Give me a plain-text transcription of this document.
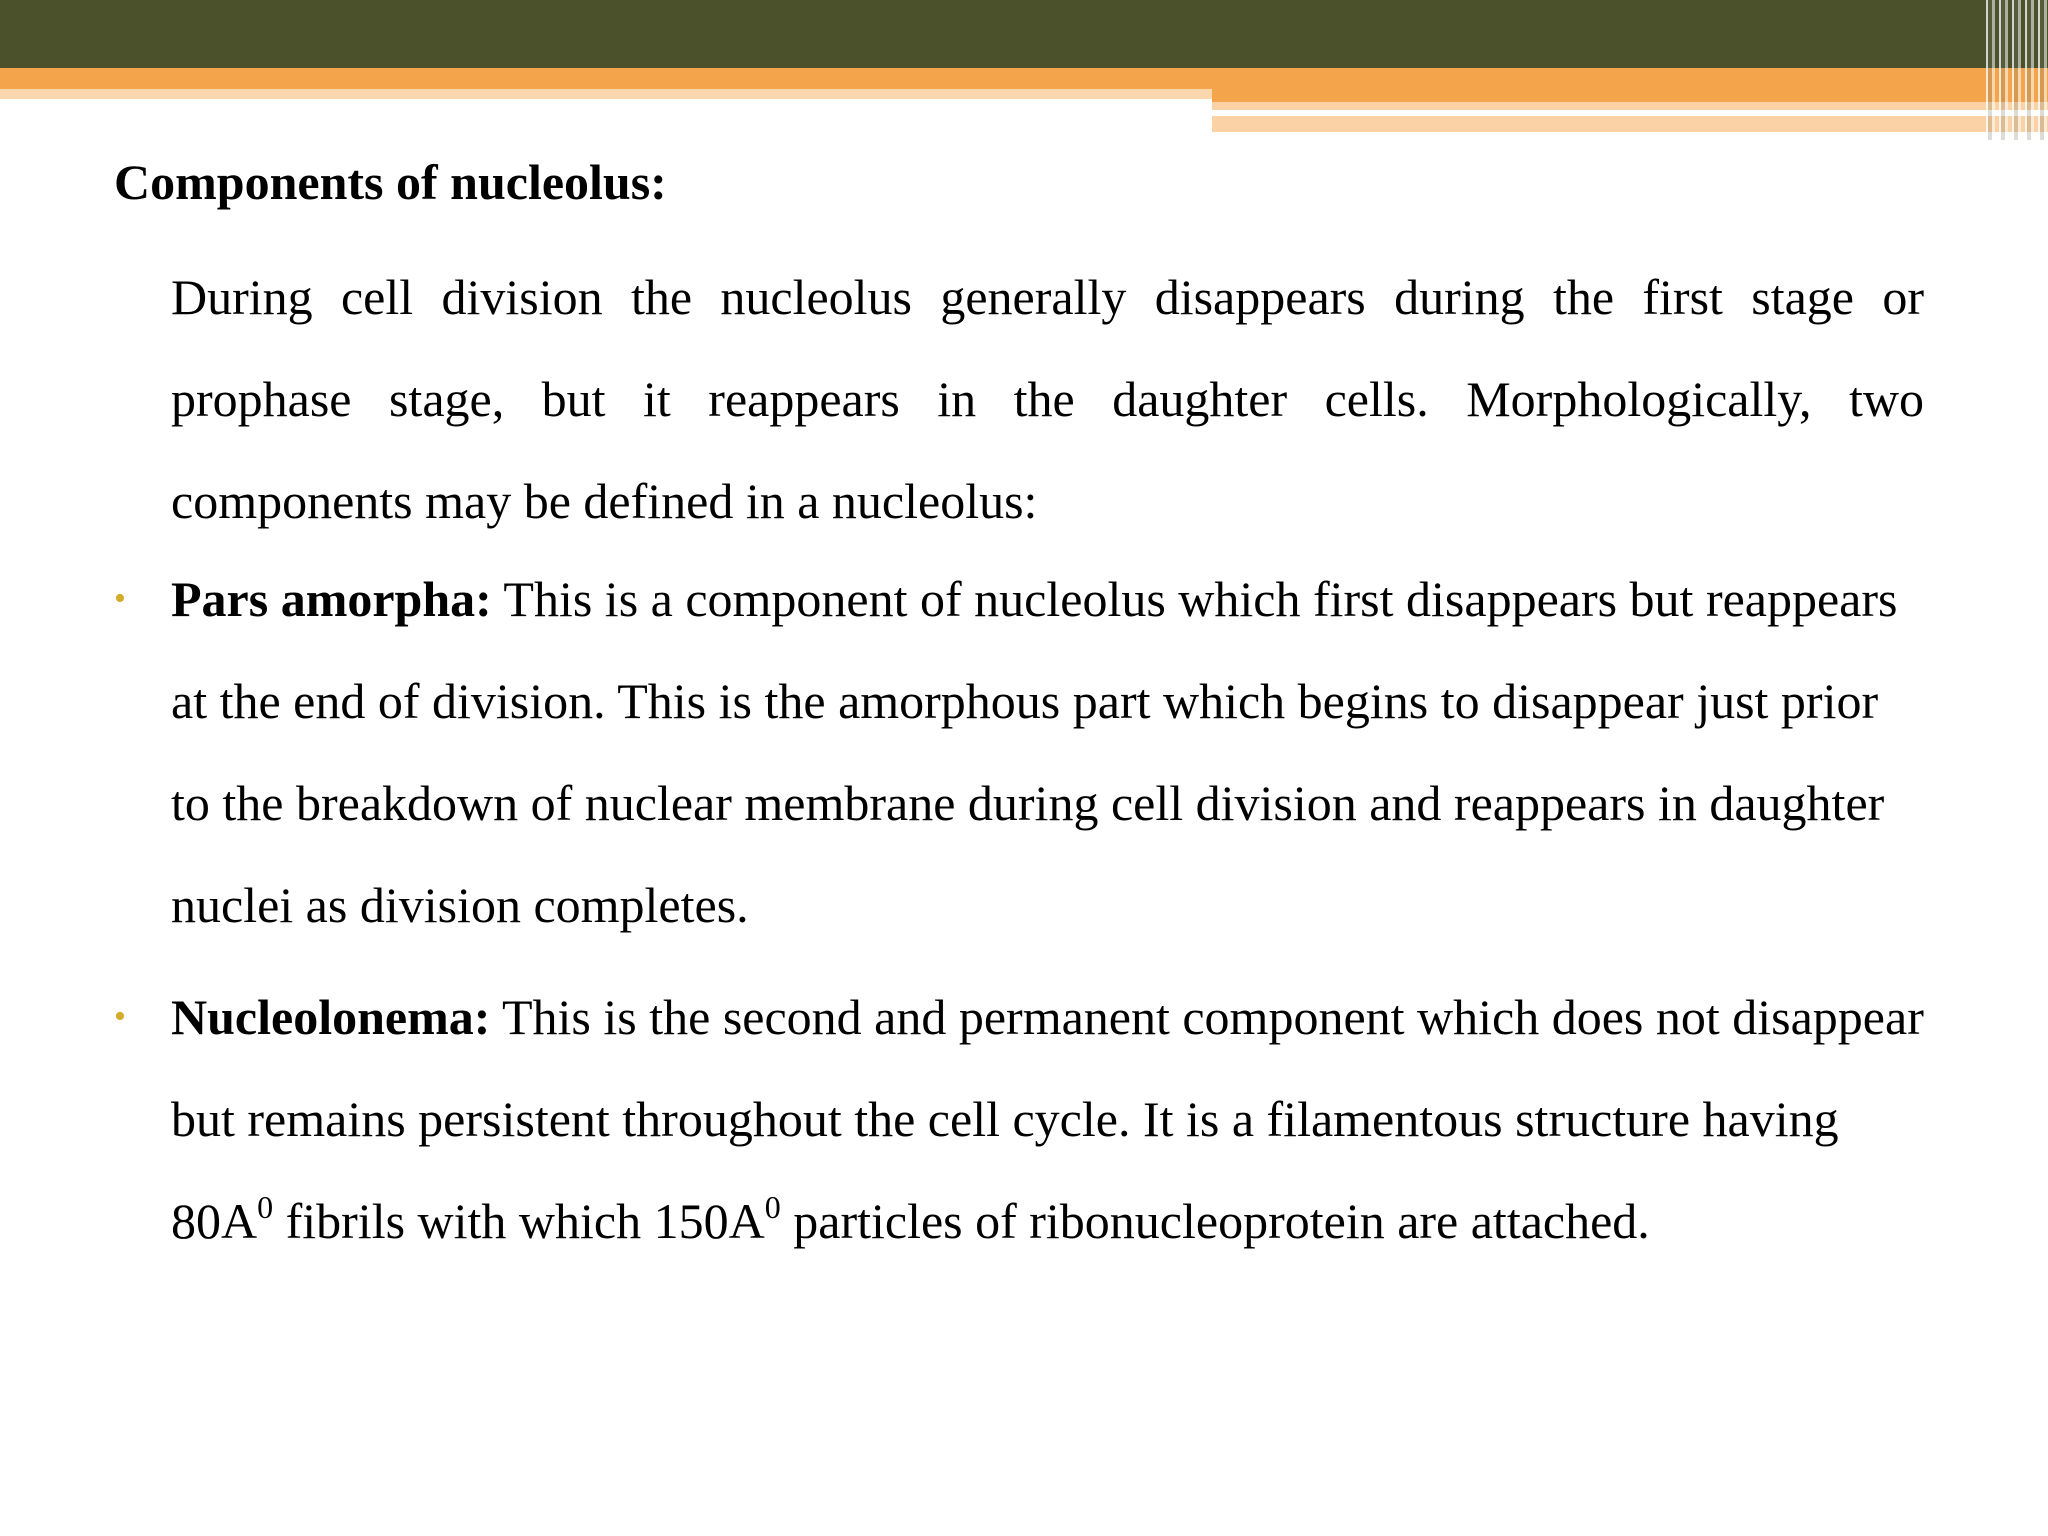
Components of nucleolus:

During cell division the nucleolus generally disappears during the first stage or prophase stage, but it reappears in the daughter cells. Morphologically, two components may be defined in a nucleolus:

• Pars amorpha: This is a component of nucleolus which first disappears but reappears at the end of division. This is the amorphous part which begins to disappear just prior to the breakdown of nuclear membrane during cell division and reappears in daughter nuclei as division completes.
• Nucleolonema: This is the second and permanent component which does not disappear but remains persistent throughout the cell cycle. It is a filamentous structure having $80A^0$ fibrils with which $150A^0$ particles of ribonucleoprotein are attached.
